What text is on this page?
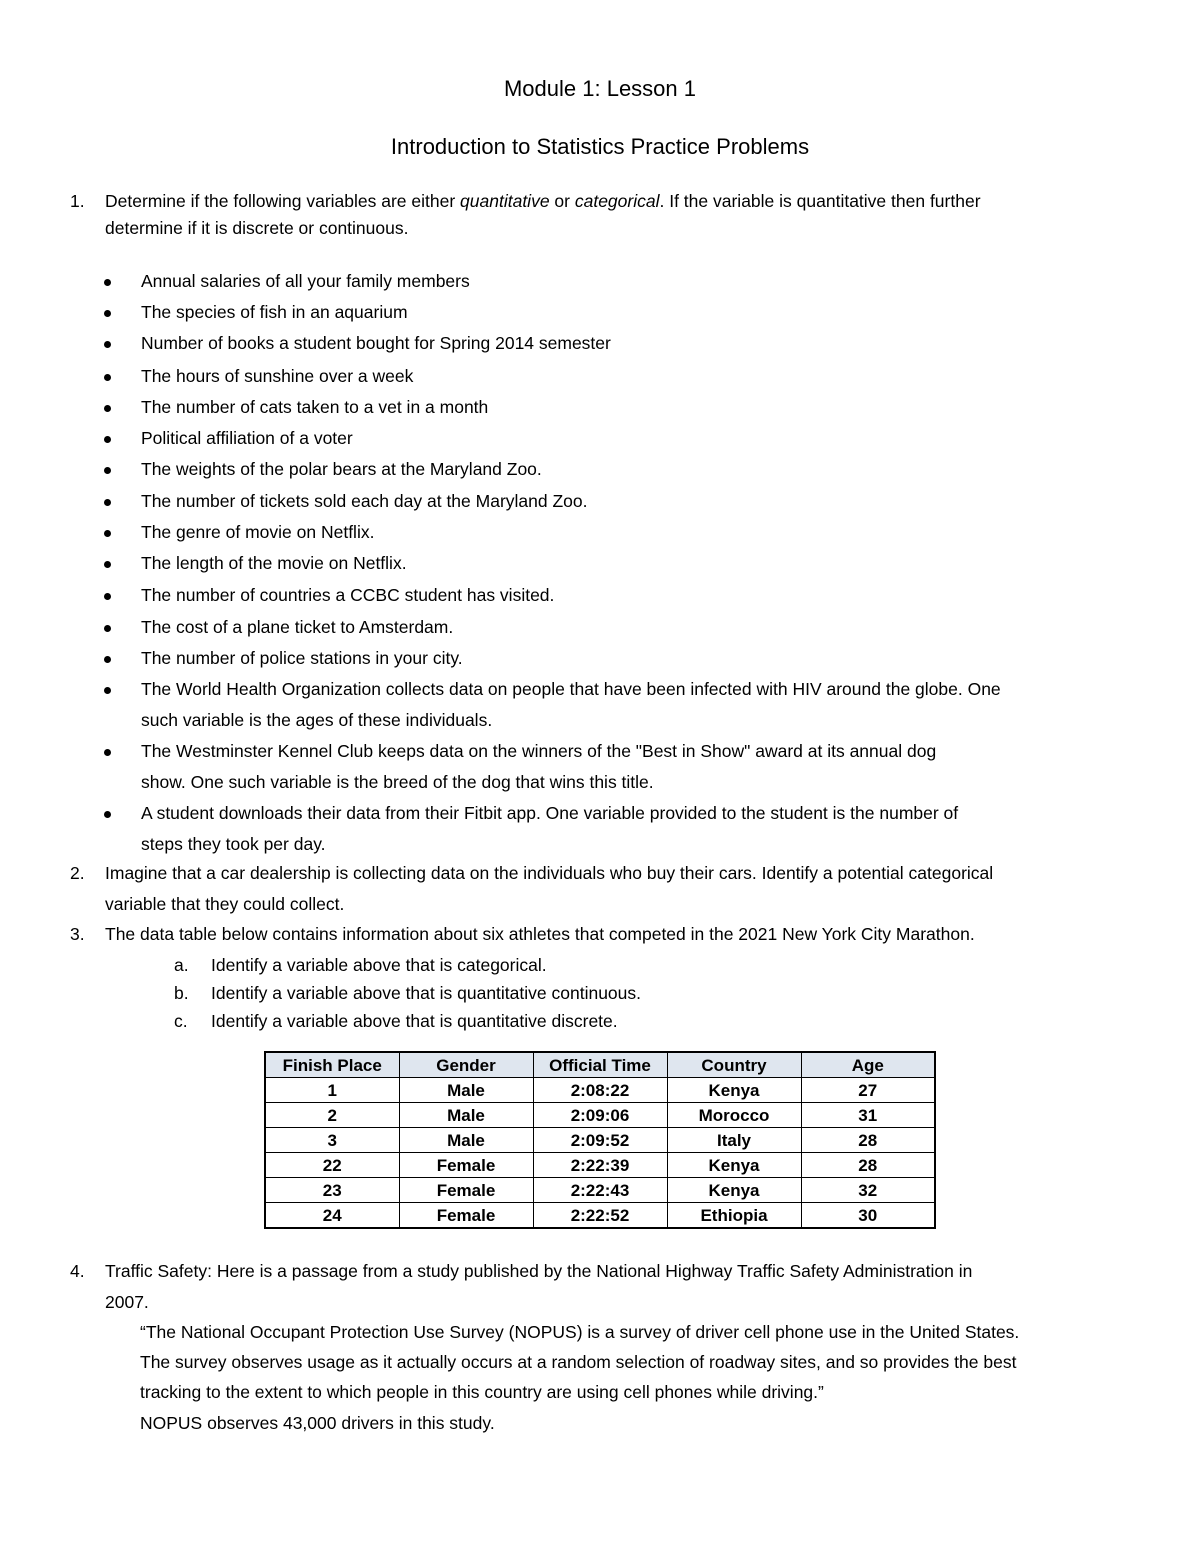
Module 1: Lesson 1
Introduction to Statistics Practice Problems
1. Determine if the following variables are either quantitative or categorical. If the variable is quantitative then further
determine if it is discrete or continuous.
Annual salaries of all your family members
The species of fish in an aquarium
Number of books a student bought for Spring 2014 semester
The hours of sunshine over a week
The number of cats taken to a vet in a month
Political affiliation of a voter
The weights of the polar bears at the Maryland Zoo.
The number of tickets sold each day at the Maryland Zoo.
The genre of movie on Netflix.
The length of the movie on Netflix.
The number of countries a CCBC student has visited.
The cost of a plane ticket to Amsterdam.
The number of police stations in your city.
The World Health Organization collects data on people that have been infected with HIV around the globe. One
such variable is the ages of these individuals.
The Westminster Kennel Club keeps data on the winners of the "Best in Show" award at its annual dog
show. One such variable is the breed of the dog that wins this title.
A student downloads their data from their Fitbit app. One variable provided to the student is the number of
steps they took per day.
2. Imagine that a car dealership is collecting data on the individuals who buy their cars. Identify a potential categorical
variable that they could collect.
3. The data table below contains information about six athletes that competed in the 2021 New York City Marathon.
a. Identify a variable above that is categorical.
b. Identify a variable above that is quantitative continuous.
c. Identify a variable above that is quantitative discrete.
Finish Place	Gender	Official Time	Country	Age
1	Male	2:08:22	Kenya	27
2	Male	2:09:06	Morocco	31
3	Male	2:09:52	Italy	28
22	Female	2:22:39	Kenya	28
23	Female	2:22:43	Kenya	32
24	Female	2:22:52	Ethiopia	30
4. Traffic Safety: Here is a passage from a study published by the National Highway Traffic Safety Administration in
2007.
“The National Occupant Protection Use Survey (NOPUS) is a survey of driver cell phone use in the United States.
The survey observes usage as it actually occurs at a random selection of roadway sites, and so provides the best
tracking to the extent to which people in this country are using cell phones while driving.”
NOPUS observes 43,000 drivers in this study.
